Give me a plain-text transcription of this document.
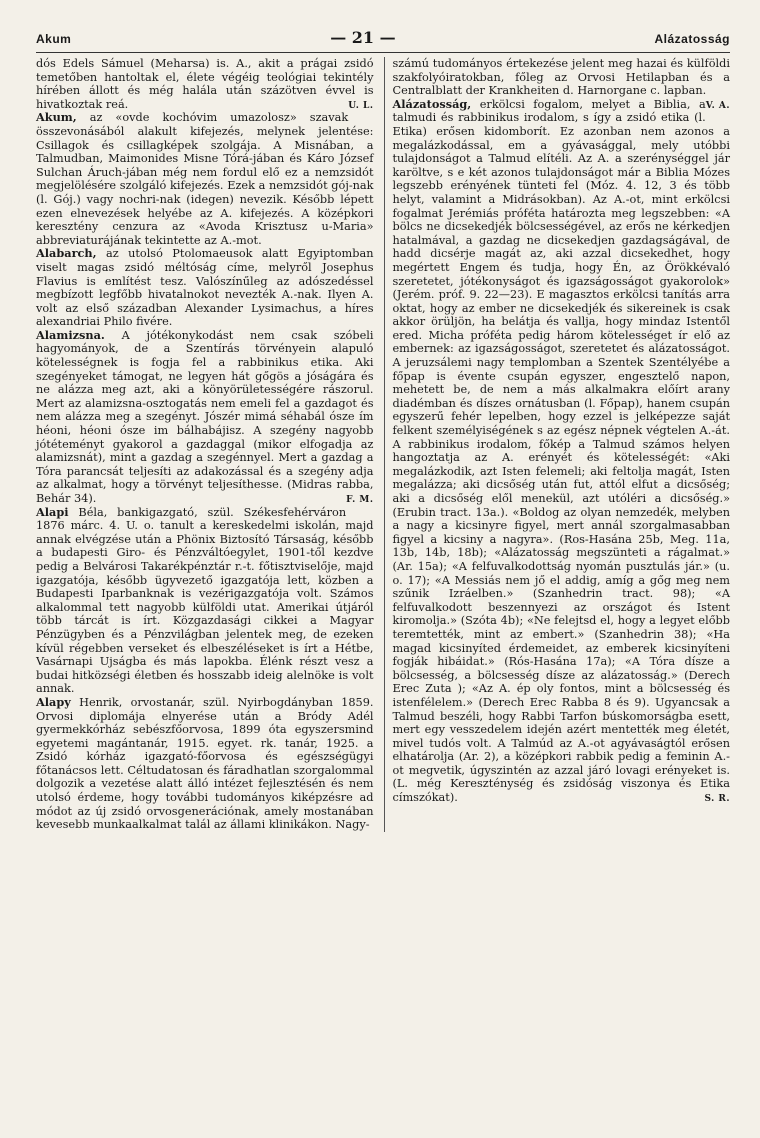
Akum	— 21 —	Alázatosság

dós Edels Sámuel (Meharsa) is. A., akit a prágai zsidó temetőben hantoltak el, élete végéig teológiai tekintély hírében állott és még halála után százötven évvel is hivatkoztak reá.	U. L.

Akum, az «ovde kochóvim umazolosz» szavak összevonásából alakult kifejezés, melynek jelentése: Csillagok és csillagképek szolgája. A Misnában, a Talmudban, Maimonides Misne Tórá-jában és Káro József Sulchan Áruch-jában még nem fordul elő ez a nemzsidót megjelölésére szolgáló kifejezés. Ezek a nemzsidót gój-nak (l. Gój.) vagy nochri-nak (idegen) nevezik. Később lépett ezen elnevezések helyébe az A. kifejezés. A középkori keresztény cenzura az «Avoda Krisztusz u-Maria» abbreviaturájának tekintette az A.-mot.

Alabarch, az utolsó Ptolomaeusok alatt Egyiptomban viselt magas zsidó méltóság címe, melyről Josephus Flavius is említést tesz. Valószínűleg az adószedéssel megbízott legfőbb hivatalnokot nevezték A.-nak. Ilyen A. volt az első században Alexander Lysimachus, a híres alexandriai Philo fivére.

Alamizsna. A jótékonykodást nem csak szóbeli hagyományok, de a Szentírás törvényein alapuló kötelességnek is fogja fel a rabbinikus etika. Aki szegényeket támogat, ne legyen hát gőgös a jóságára és ne alázza meg azt, aki a könyörületességére rászorul. Mert az alamizsna-osztogatás nem emeli fel a gazdagot és nem alázza meg a szegényt. Jószér mimá séhabál ósze ím héoni, héoni ósze im bálhabájisz. A szegény nagyobb jótéteményt gyakorol a gazdaggal (mikor elfogadja az alamizsnát), mint a gazdag a szegénnyel. Mert a gazdag a Tóra parancsát teljesíti az adakozással és a szegény adja az alkalmat, hogy a törvényt teljesíthesse. (Midras rabba, Behár 34).	F. M.

Alapi Béla, bankigazgató, szül. Székesfehérváron 1876 márc. 4. U. o. tanult a kereskedelmi iskolán, majd annak elvégzése után a Phönix Biztosító Társaság, később a budapesti Giro- és Pénzváltóegylet, 1901-től kezdve pedig a Belvárosi Takarékpénztár r.-t. főtisztviselője, majd igazgatója, később ügyvezető igazgatója lett, közben a Budapesti Iparbanknak is vezérigazgatója volt. Számos alkalommal tett nagyobb külföldi utat. Amerikai útjáról több tárcát is írt. Közgazdasági cikkei a Magyar Pénzügyben és a Pénzvilágban jelentek meg, de ezeken kívül régebben verseket és elbeszéléseket is írt a Hétbe, Vasárnapi Ujságba és más lapokba. Élénk részt vesz a budai hitközségi életben és hosszabb ideig alelnöke is volt annak.

Alapy Henrik, orvostanár, szül. Nyirbogdányban 1859. Orvosi diplomája elnyerése után a Bródy Adél gyermekkórház sebészfőorvosa, 1899 óta egyszersmind egyetemi magántanár, 1915. egyet. rk. tanár, 1925. a Zsidó kórház igazgató-főorvosa és egészségügyi főtanácsos lett. Céltudatosan és fáradhatlan szorgalommal dolgozik a vezetése alatt álló intézet fejlesztésén és nem utolsó érdeme, hogy további tudományos kiképzésre ad módot az új zsidó orvosgenerációnak, amely mostanában kevesebb munkaalkalmat talál az állami klinikákon. Nagy-

számú tudományos értekezése jelent meg hazai és külföldi szakfolyóiratokban, főleg az Orvosi Hetilapban és a Centralblatt der Krankheiten d. Harnorgane c. lapban.
V. A.

Alázatosság, erkölcsi fogalom, melyet a Biblia, a talmudi és rabbinikus irodalom, s így a zsidó etika (l. Etika) erősen kidomborít. Ez azonban nem azonos a megalázkodással, em a gyávasággal, mely utóbbi tulajdonságot a Talmud elítéli. Az A. a szerénységgel jár karöltve, s e két azonos tulajdonságot már a Biblia Mózes legszebb erényének tünteti fel (Móz. 4. 12, 3 és több helyt, valamint a Midrásokban). Az A.-ot, mint erkölcsi fogalmat Jerémiás próféta határozta meg legszebben: «A bölcs ne dicsekedjék bölcsességével, az erős ne kérkedjen hatalmával, a gazdag ne dicsekedjen gazdagságával, de hadd dicsérje magát az, aki azzal dicsekedhet, hogy megértett Engem és tudja, hogy Én, az Örökkévaló szeretetet, jótékonyságot és igazságosságot gyakorolok» (Jerém. próf. 9. 22—23). E magasztos erkölcsi tanítás arra oktat, hogy az ember ne dicsekedjék és sikereinek is csak akkor örüljön, ha belátja és vallja, hogy mindaz Istentől ered. Micha próféta pedig három kötelességet ír elő az embernek: az igazságosságot, szeretetet és alázatosságot. A jeruzsálemi nagy templomban a Szentek Szentélyébe a főpap is évente csupán egyszer, engesztelő napon, mehetett be, de nem a más alkalmakra előírt arany diadémban és díszes ornátusban (l. Főpap), hanem csupán egyszerű fehér lepelben, hogy ezzel is jelképezze saját felkent személyiségének s az egész népnek végtelen A.-át. A rabbinikus irodalom, főkép a Talmud számos helyen hangoztatja az A. erényét és kötelességét: «Aki megalázkodik, azt Isten felemeli; aki feltolja magát, Isten megalázza; aki dicsőség után fut, attól elfut a dicsőség; aki a dicsőség elől menekül, azt utóléri a dicsőség.» (Erubin tract. 13a.). «Boldog az olyan nemzedék, melyben a nagy a kicsinyre figyel, mert annál szorgalmasabban figyel a kicsiny a nagyra». (Ros-Hasána 25b, Meg. 11a, 13b, 14b, 18b); «Alázatosság megszünteti a rágalmat.» (Ar. 15a); «A felfuvalkodottság nyomán pusztulás jár.» (u. o. 17); «A Messiás nem jő el addig, amíg a gőg meg nem szűnik Izráelben.» (Szanhedrin tract. 98); «A felfuvalkodott beszennyezi az országot és Istent kiromolja.» (Szóta 4b); «Ne felejtsd el, hogy a legyet előbb teremtették, mint az embert.» (Szanhedrin 38); «Ha magad kicsinyíted érdemeidet, az emberek kicsinyíteni fogják hibáidat.» (Rós-Hasána 17a); «A Tóra dísze a bölcsesség, a bölcsesség dísze az alázatosság.» (Derech Erec Zuta ); «Az A. ép oly fontos, mint a bölcsesség és istenfélelem.» (Derech Erec Rabba 8 és 9). Ugyancsak a Talmud beszéli, hogy Rabbi Tarfon búskomorságba esett, mert egy vesszedelem idején azért mentették meg életét, mivel tudós volt. A Talmúd az A.-ot agyávaságtól erősen elhatárolja (Ar. 2), a középkori rabbik pedig a feminin A.-ot megvetik, úgyszintén az azzal járó lovagi erényeket is. (L. még Kereszténység és zsidóság viszonya és Etika címszókat).	S. R.
